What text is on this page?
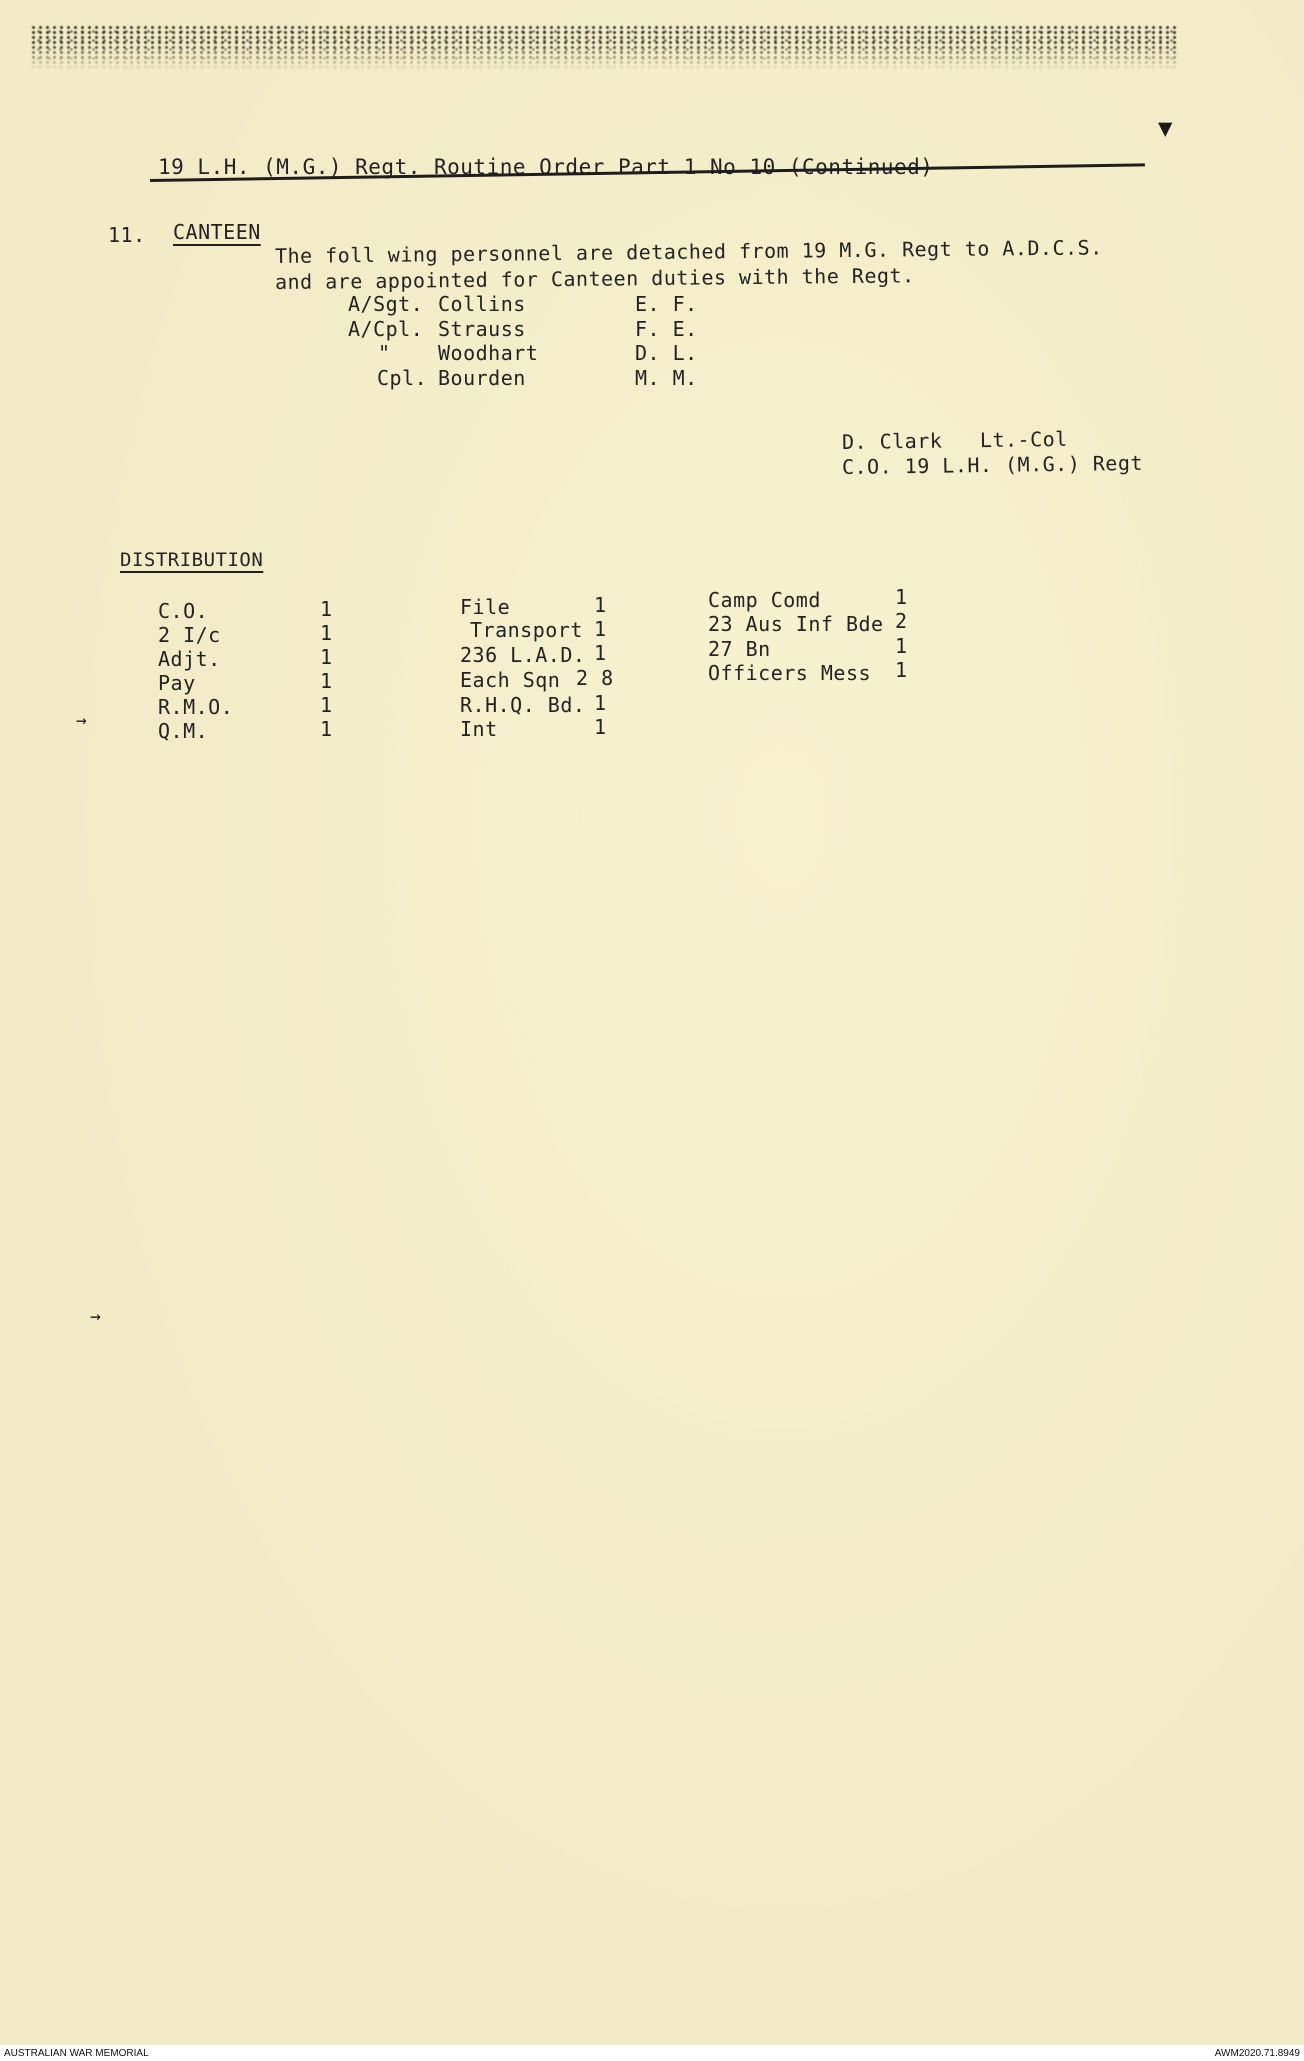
19 L.H. (M.G.) Regt. Routine Order Part 1 No 10 (Continued)
11. CANTEEN
The foll wing personnel are detached from 19 M.G. Regt to A.D.C.S.
and are appointed for Canteen duties with the Regt.
A/Sgt. Collins	E. F.
A/Cpl. Strauss	F. E.
" Woodhart	D. L.
Cpl. Bourden	M. M.
D. Clark   Lt.-Col
C.O. 19 L.H. (M.G.) Regt
DISTRIBUTION
C.O.	1
2 I/c	1
Adjt.	1
Pay	1
R.M.O.	1
Q.M.	1
File	1
Transport 1
236 L.A.D. 1
Each Sqn 2 8
R.H.Q. Bd. 1
Int	1
Camp Comd	1
23 Aus Inf Bde 2
27 Bn	1
Officers Mess 1
▼
→
→
AUSTRALIAN WAR MEMORIAL	AWM2020.71.8949
